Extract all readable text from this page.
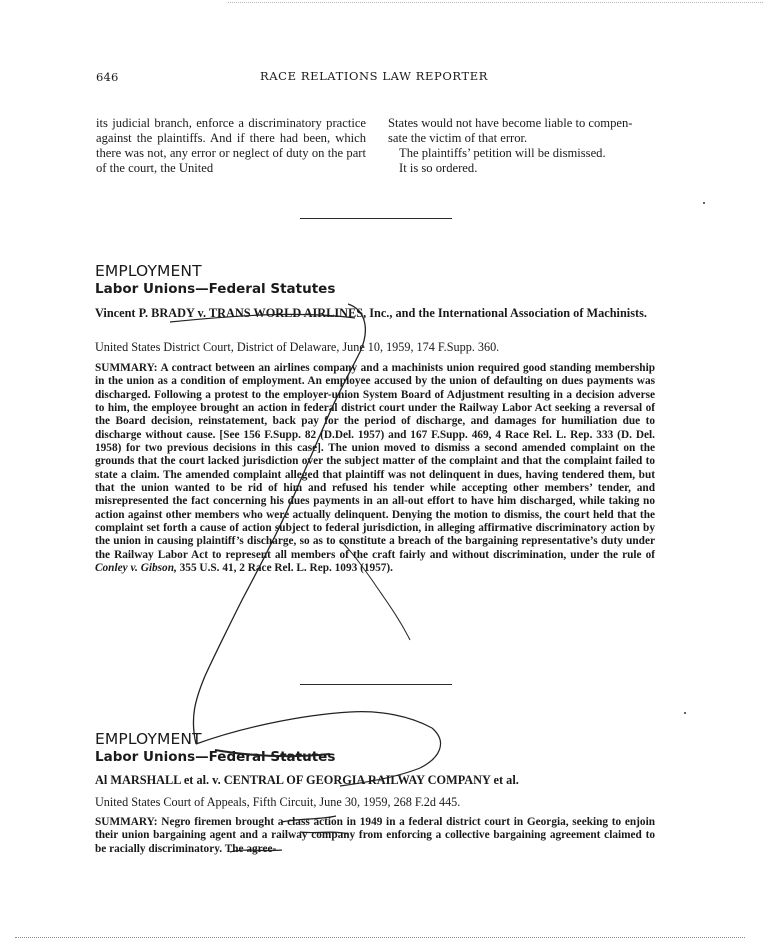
646	RACE RELATIONS LAW REPORTER

its judicial branch, enforce a discriminatory practice against the plaintiffs. And if there had been, which there was not, any error or neglect of duty on the part of the court, the United

States would not have become liable to compen-

sate the victim of that error.

The plaintiffs’ petition will be dismissed.

It is so ordered.

EMPLOYMENT
Labor Unions—Federal Statutes
Vincent P. BRADY v. TRANS WORLD AIRLINES, Inc., and the International Association of Machinists.
United States District Court, District of Delaware, June 10, 1959, 174 F.Supp. 360.

SUMMARY: A contract between an airlines company and a machinists union required good standing membership in the union as a condition of employment. An employee accused by the union of defaulting on dues payments was discharged. Following a protest to the employer-union System Board of Adjustment resulting in a decision adverse to him, the employee brought an action in federal district court under the Railway Labor Act seeking a reversal of the Board decision, reinstatement, back pay for the period of discharge, and damages for humiliation due to discharge without cause. [See 156 F.Supp. 82 (D.Del. 1957) and 167 F.Supp. 469, 4 Race Rel. L. Rep. 333 (D. Del. 1958) for two previous decisions in this case]. The union moved to dismiss a second amended complaint on the grounds that the court lacked jurisdiction over the subject matter of the complaint and that the complaint failed to state a claim. The amended complaint alleged that plaintiff was not delinquent in dues, having tendered them, but that the union wanted to be rid of him and refused his tender while accepting other members’ tender, and misrepresented the fact concerning his dues payments in an all-out effort to have him discharged, while taking no action against other members who were actually delinquent. Denying the motion to dismiss, the court held that the complaint set forth a cause of action subject to federal jurisdiction, in alleging affirmative discriminatory action by the union in causing plaintiff’s discharge, so as to constitute a breach of the bargaining representative’s duty under the Railway Labor Act to represent all members of the craft fairly and without discrimination, under the rule of Conley v. Gibson, 355 U.S. 41, 2 Race Rel. L. Rep. 1093 (1957).

EMPLOYMENT
Labor Unions—Federal Statutes
Al MARSHALL et al. v. CENTRAL OF GEORGIA RAILWAY COMPANY et al.
United States Court of Appeals, Fifth Circuit, June 30, 1959, 268 F.2d 445.

SUMMARY: Negro firemen brought a class action in 1949 in a federal district court in Georgia, seeking to enjoin their union bargaining agent and a railway company from enforcing a collective bargaining agreement claimed to be racially discriminatory. The agree-
